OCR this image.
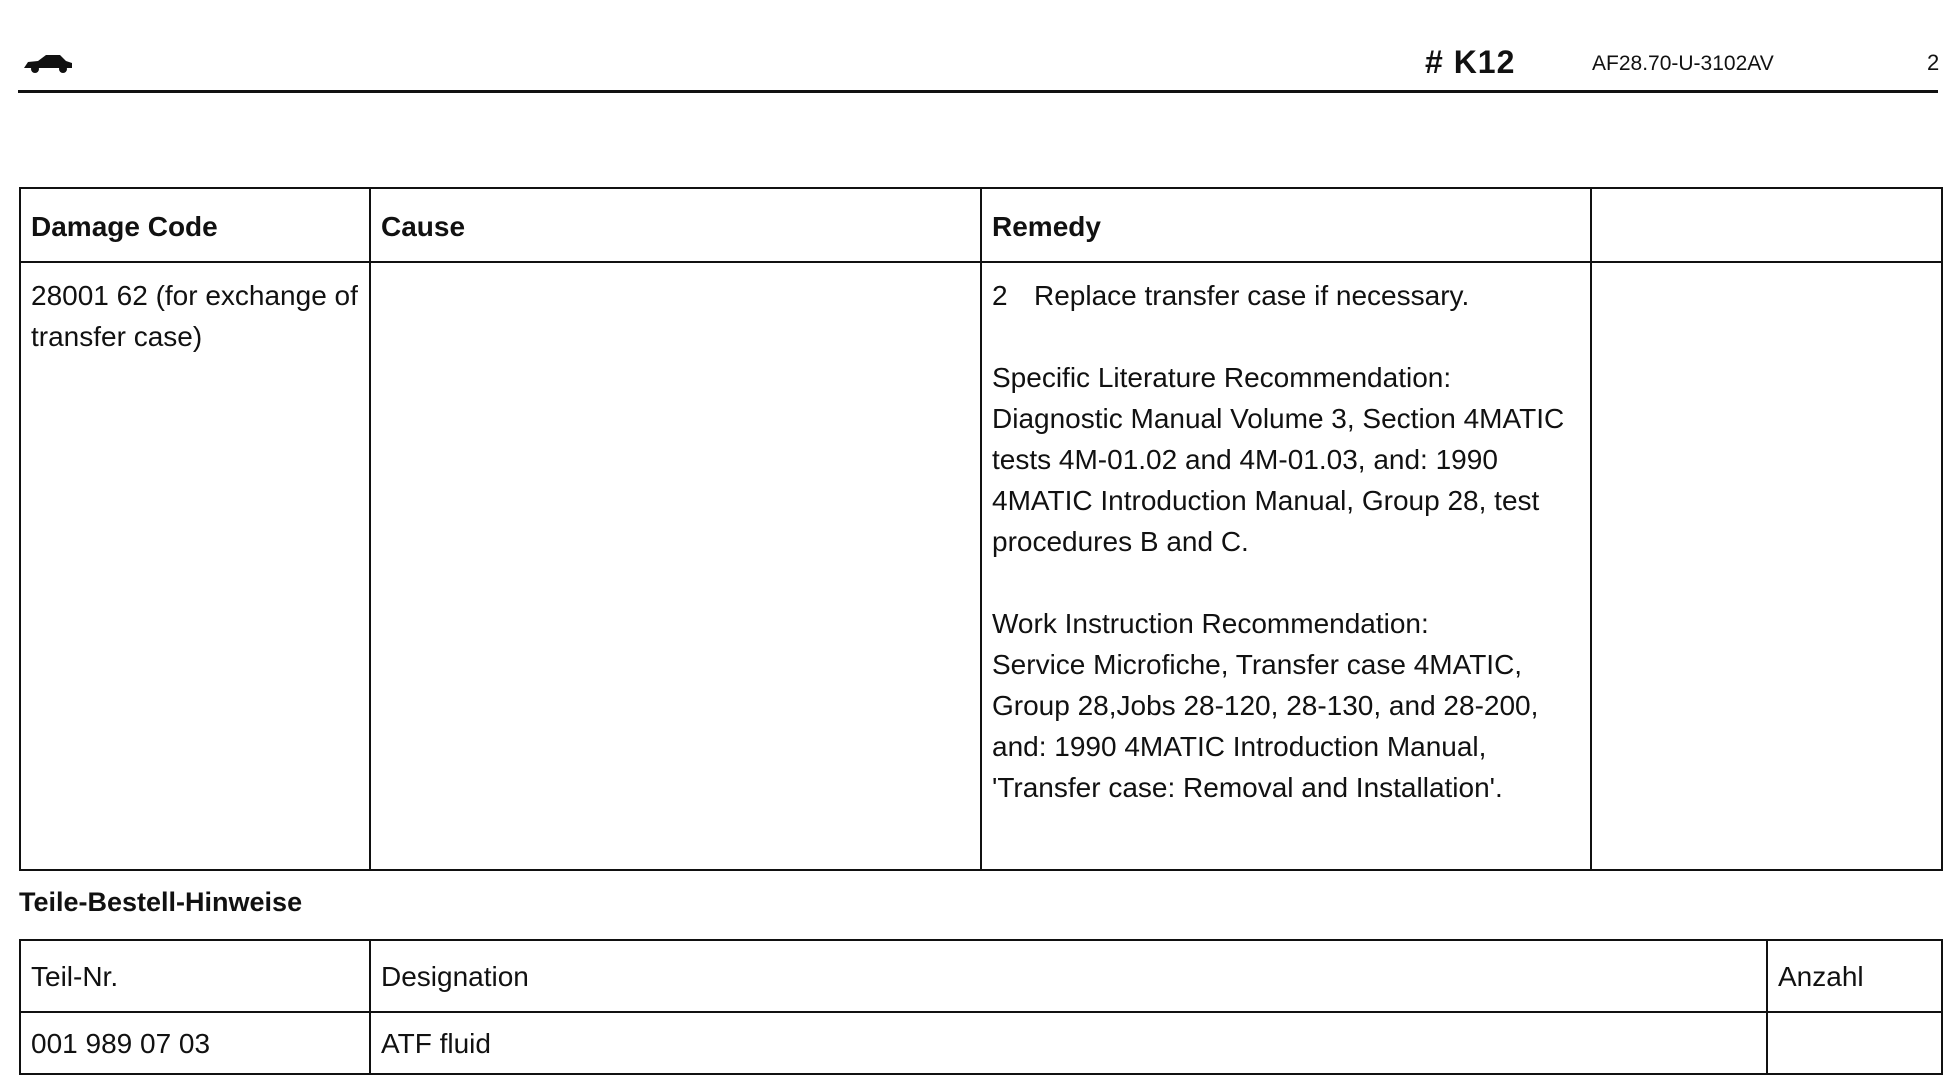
# K12	AF28.70-U-3102AV	2
Damage Code	Cause	Remedy	
28001 62 (for exchange of transfer case)		2 Replace transfer case if necessary.

Specific Literature Recommendation:

Diagnostic Manual Volume 3, Section 4MATIC tests 4M-01.02 and 4M-01.03, and: 1990 4MATIC Introduction Manual, Group 28, test procedures B and C.

Work Instruction Recommendation:

Service Microfiche, Transfer case 4MATIC, Group 28,Jobs 28-120, 28-130, and 28-200, and: 1990 4MATIC Introduction Manual, 'Transfer case: Removal and Installation'.	

Teile-Bestell-Hinweise
Teil-Nr.	Designation	Anzahl
001 989 07 03	ATF fluid	
